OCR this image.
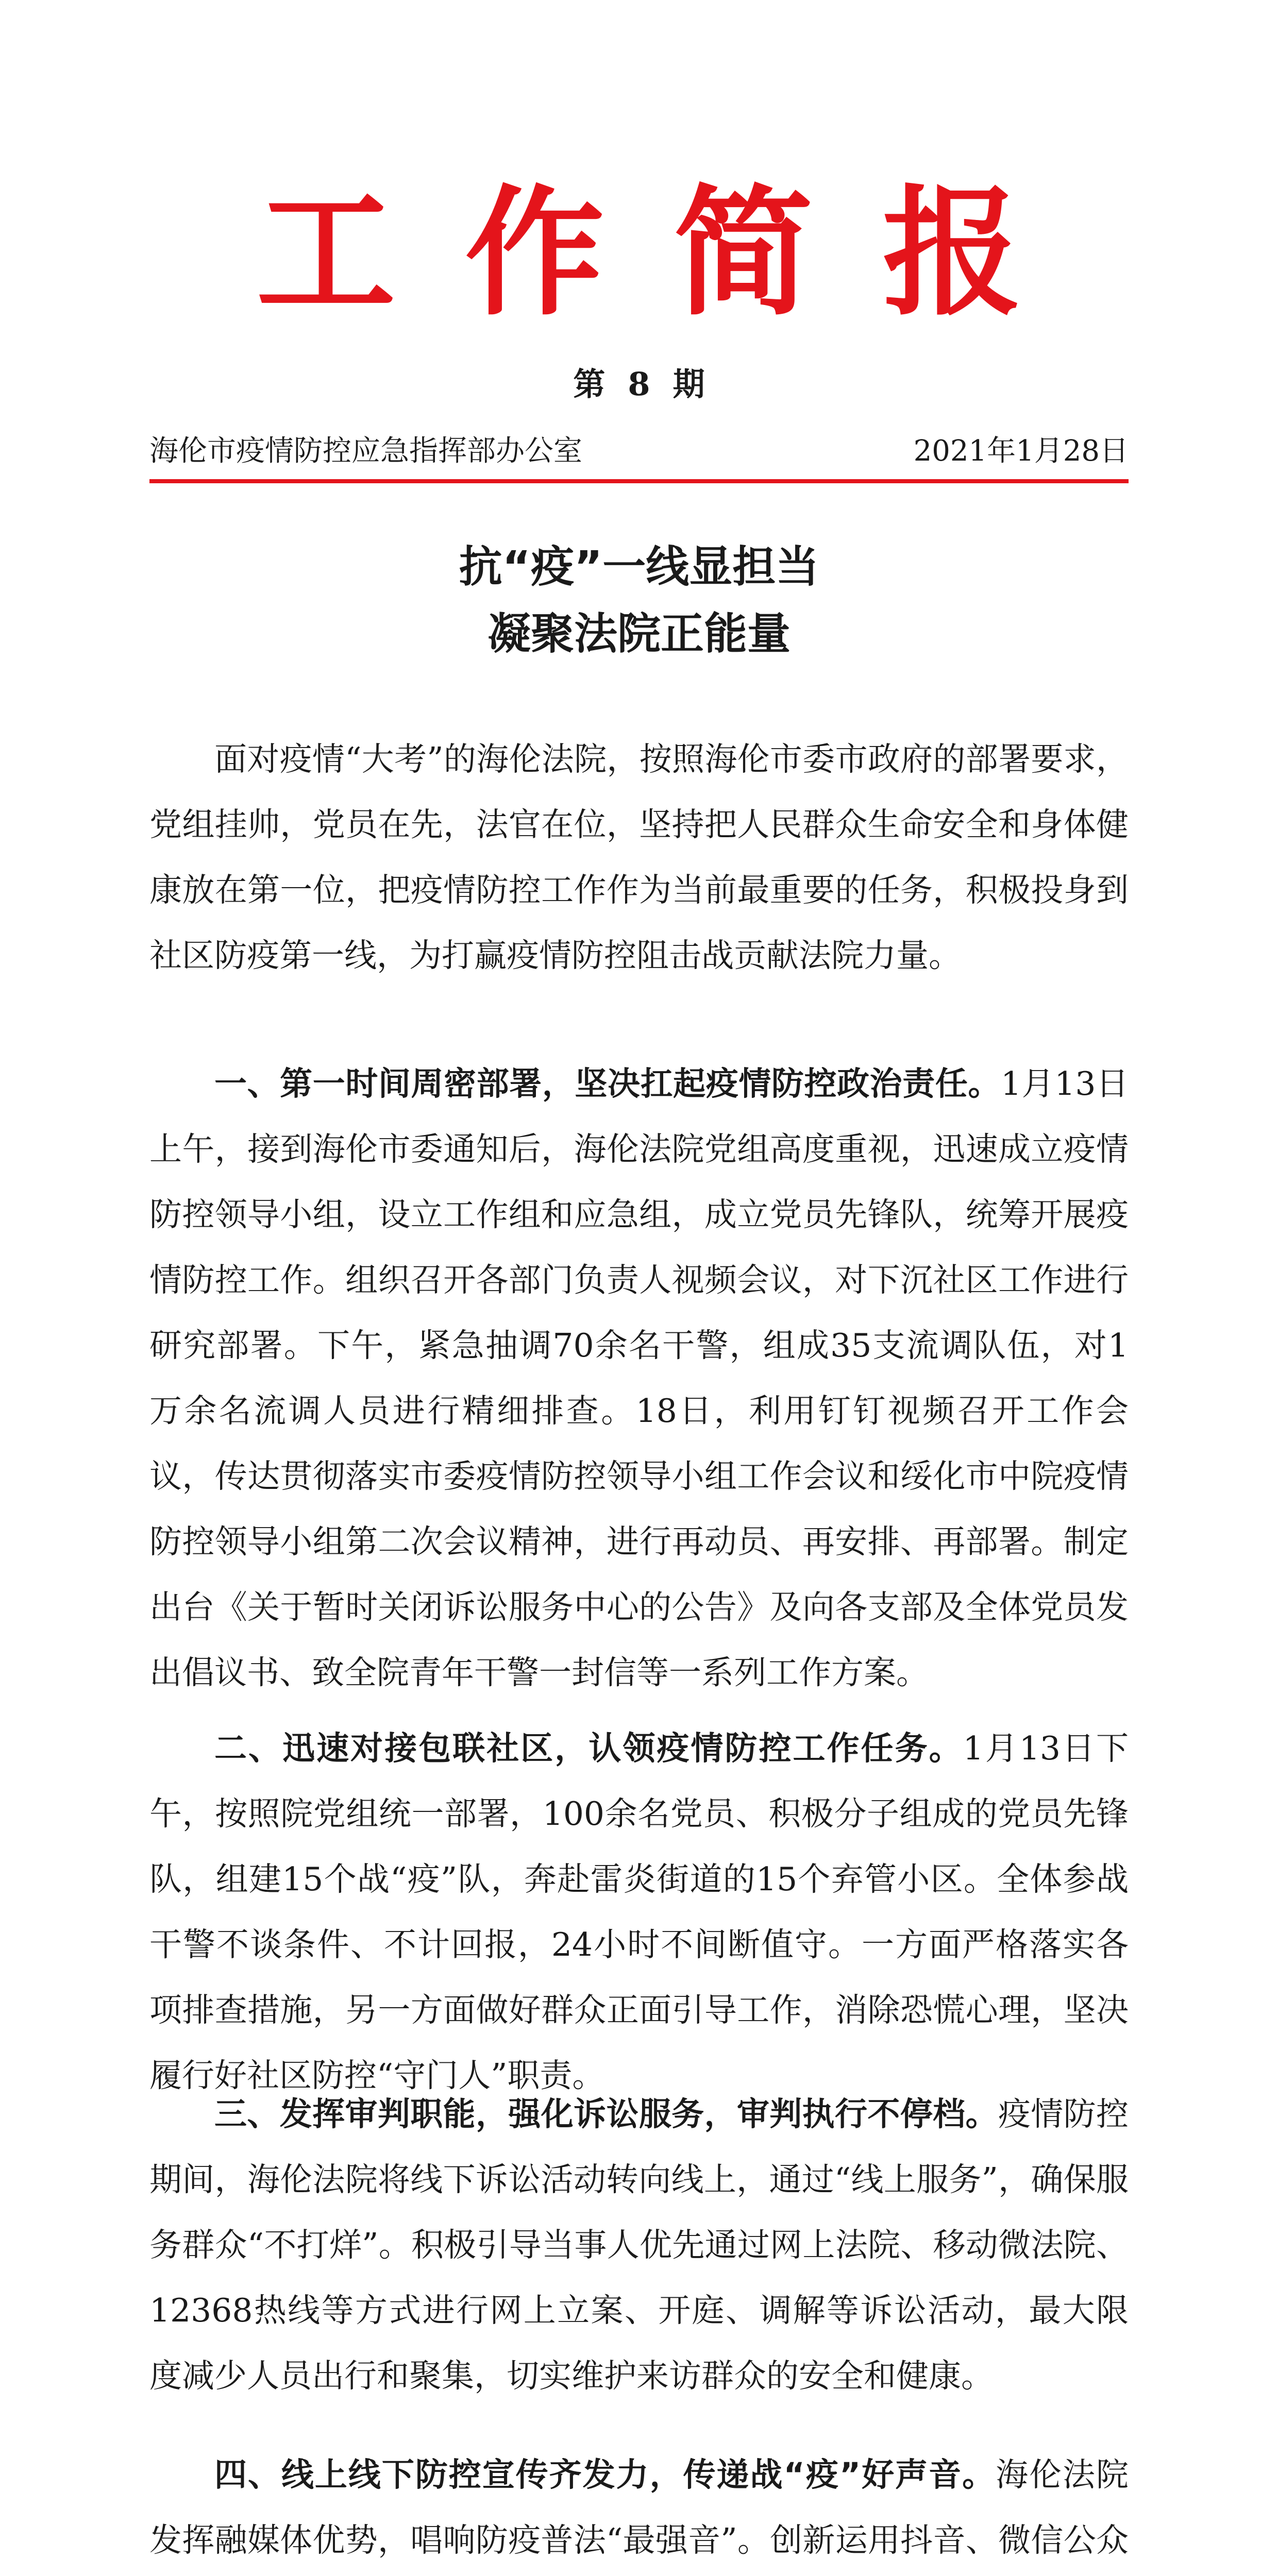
工作简报
第 8 期
海伦市疫情防控应急指挥部办公室	2021年1月28日
抗“疫”一线显担当
凝聚法院正能量

面对疫情“大考”的海伦法院，按照海伦市委市政府的部署要求，党组挂帅，党员在先，法官在位，坚持把人民群众生命安全和身体健康放在第一位，把疫情防控工作作为当前最重要的任务，积极投身到社区防疫第一线，为打赢疫情防控阻击战贡献法院力量。

一、第一时间周密部署，坚决扛起疫情防控政治责任。1月13日上午，接到海伦市委通知后，海伦法院党组高度重视，迅速成立疫情防控领导小组，设立工作组和应急组，成立党员先锋队，统筹开展疫情防控工作。组织召开各部门负责人视频会议，对下沉社区工作进行研究部署。下午，紧急抽调70余名干警，组成35支流调队伍，对1万余名流调人员进行精细排查。18日，利用钉钉视频召开工作会议，传达贯彻落实市委疫情防控领导小组工作会议和绥化市中院疫情防控领导小组第二次会议精神，进行再动员、再安排、再部署。制定出台《关于暂时关闭诉讼服务中心的公告》及向各支部及全体党员发出倡议书、致全院青年干警一封信等一系列工作方案。

二、迅速对接包联社区，认领疫情防控工作任务。1月13日下午，按照院党组统一部署，100余名党员、积极分子组成的党员先锋队，组建15个战“疫”队，奔赴雷炎街道的15个弃管小区。全体参战干警不谈条件、不计回报，24小时不间断值守。一方面严格落实各项排查措施，另一方面做好群众正面引导工作，消除恐慌心理，坚决履行好社区防控“守门人”职责。

三、发挥审判职能，强化诉讼服务，审判执行不停档。疫情防控期间，海伦法院将线下诉讼活动转向线上，通过“线上服务”，确保服务群众“不打烊”。积极引导当事人优先通过网上法院、移动微法院、12368热线等方式进行网上立案、开庭、调解等诉讼活动，最大限度减少人员出行和聚集，切实维护来访群众的安全和健康。

四、线上线下防控宣传齐发力，传递战“疫”好声音。海伦法院发挥融媒体优势，唱响防疫普法“最强音”。创新运用抖音、微信公众
